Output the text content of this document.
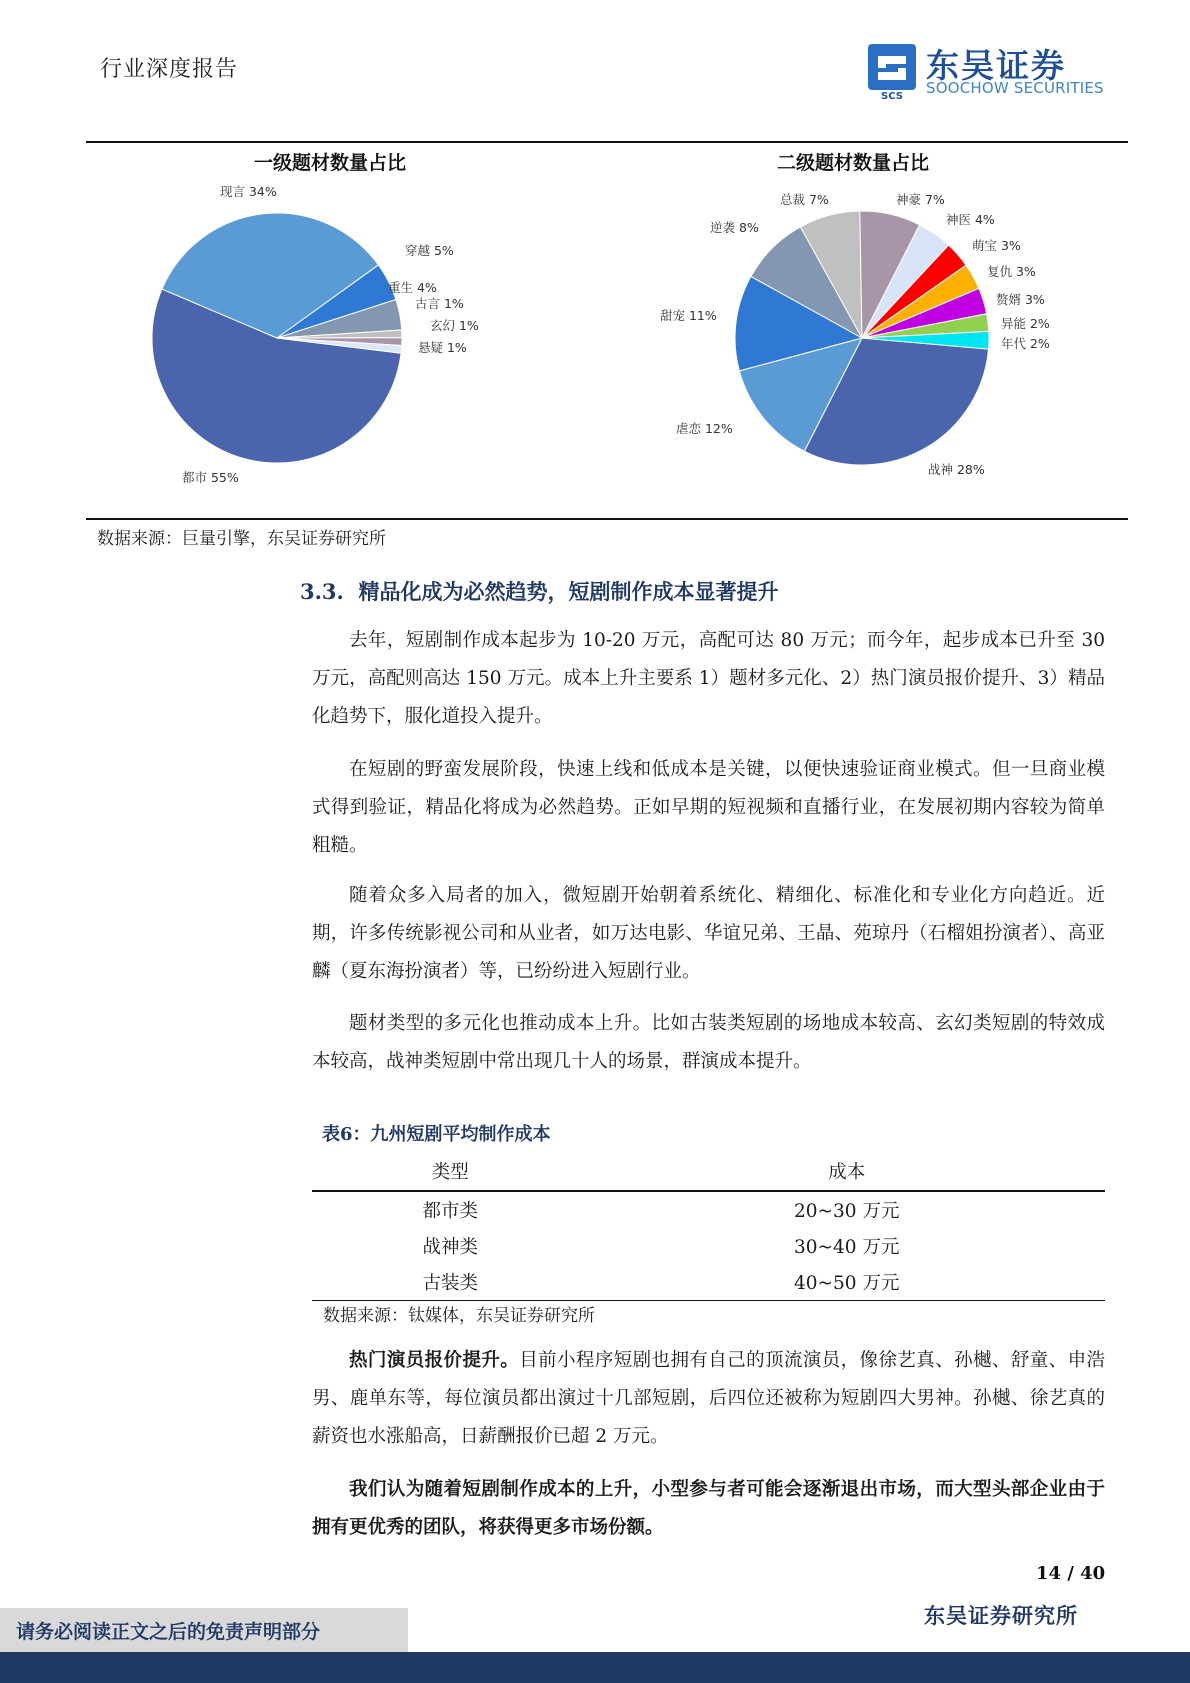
行业深度报告
SCS
东吴证券
SOOCHOW SECURITIES
一级题材数量占比	二级题材数量占比
都市 55%
现言 34%
穿越 5%
重生 4%
古言 1%
玄幻 1%
悬疑 1%
战神 28%
虐恋 12%
甜宠 11%
逆袭 8%
总裁 7%	神豪 7%
神医 4%
萌宝 3%
复仇 3%
赘婿 3%
异能 2%
年代 2%
数据来源：巨量引擎，东吴证券研究所
3.3. 精品化成为必然趋势，短剧制作成本显著提升

去年，短剧制作成本起步为 10-20 万元，高配可达 80 万元；而今年，起步成本已升至 30 万元，高配则高达 150 万元。成本上升主要系 1）题材多元化、2）热门演员报价提升、3）精品化趋势下，服化道投入提升。

在短剧的野蛮发展阶段，快速上线和低成本是关键，以便快速验证商业模式。但一旦商业模式得到验证，精品化将成为必然趋势。正如早期的短视频和直播行业，在发展初期内容较为简单粗糙。

随着众多入局者的加入，微短剧开始朝着系统化、精细化、标准化和专业化方向趋近。近期，许多传统影视公司和从业者，如万达电影、华谊兄弟、王晶、苑琼丹（石榴姐扮演者）、高亚麟（夏东海扮演者）等，已纷纷进入短剧行业。

题材类型的多元化也推动成本上升。比如古装类短剧的场地成本较高、玄幻类短剧的特效成本较高，战神类短剧中常出现几十人的场景，群演成本提升。

表6：九州短剧平均制作成本
类型	成本
都市类	20~30 万元
战神类	30~40 万元
古装类	40~50 万元
数据来源：钛媒体，东吴证券研究所

热门演员报价提升。目前小程序短剧也拥有自己的顶流演员，像徐艺真、孙樾、舒童、申浩男、鹿单东等，每位演员都出演过十几部短剧，后四位还被称为短剧四大男神。孙樾、徐艺真的薪资也水涨船高，日薪酬报价已超 2 万元。

我们认为随着短剧制作成本的上升，小型参与者可能会逐渐退出市场，而大型头部企业由于拥有更优秀的团队，将获得更多市场份额。

14 / 40
东吴证券研究所
请务必阅读正文之后的免责声明部分
